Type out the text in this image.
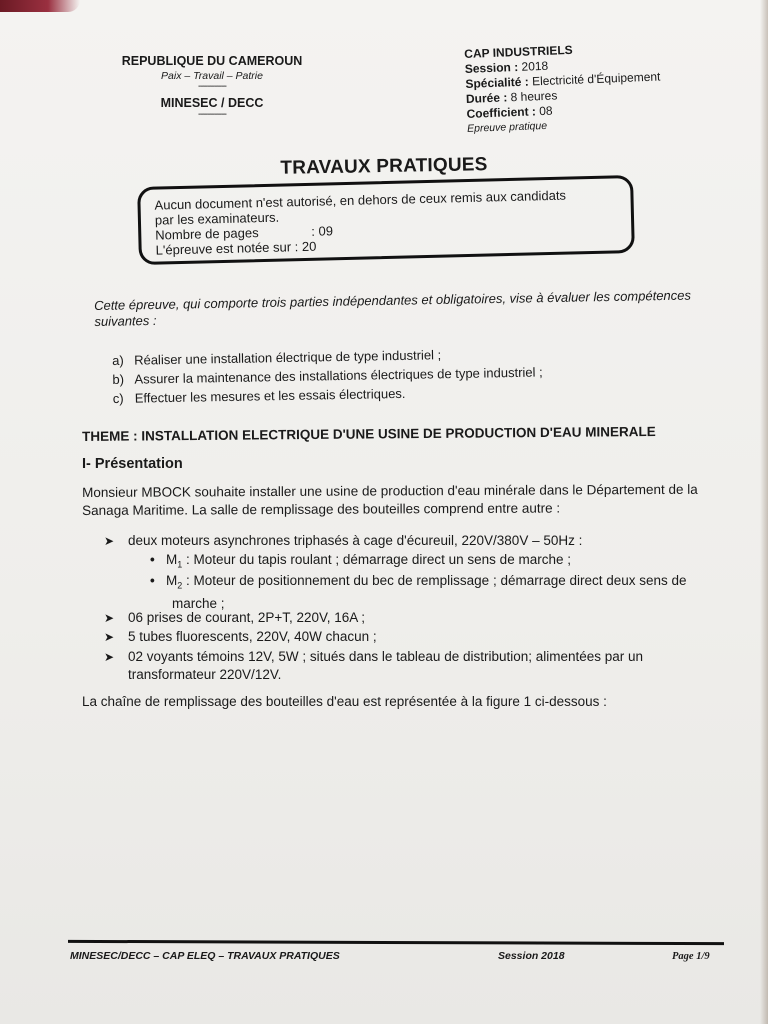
REPUBLIQUE DU CAMEROUN
Paix – Travail – Patrie
------------
MINESEC / DECC
------------
CAP INDUSTRIELS
Session : 2018
Spécialité : Electricité d'Équipement
Durée : 8 heures
Coefficient : 08
Epreuve pratique
TRAVAUX PRATIQUES
Aucun document n'est autorisé, en dehors de ceux remis aux candidats
par les examinateurs.
Nombre de pages	: 09
L'épreuve est notée sur : 20
Cette épreuve, qui comporte trois parties indépendantes et obligatoires, vise à évaluer les compétences suivantes :
a) Réaliser une installation électrique de type industriel ;
b) Assurer la maintenance des installations électriques de type industriel ;
c) Effectuer les mesures et les essais électriques.
THEME : INSTALLATION ELECTRIQUE D'UNE USINE DE PRODUCTION D'EAU MINERALE
I- Présentation
Monsieur MBOCK souhaite installer une usine de production d'eau minérale dans le Département de la Sanaga Maritime. La salle de remplissage des bouteilles comprend entre autre :
➤ deux moteurs asynchrones triphasés à cage d'écureuil, 220V/380V – 50Hz :
• $M_1$ : Moteur du tapis roulant ; démarrage direct un sens de marche ;
• $M_2$ : Moteur de positionnement du bec de remplissage ; démarrage direct deux sens de
marche ;
➤ 06 prises de courant, 2P+T, 220V, 16A ;
➤ 5 tubes fluorescents, 220V, 40W chacun ;
➤ 02 voyants témoins 12V, 5W ; situés dans le tableau de distribution; alimentées par un
transformateur 220V/12V.
La chaîne de remplissage des bouteilles d'eau est représentée à la figure 1 ci-dessous :
MINESEC/DECC – CAP ELEQ – TRAVAUX PRATIQUES	Session 2018	Page 1/9
